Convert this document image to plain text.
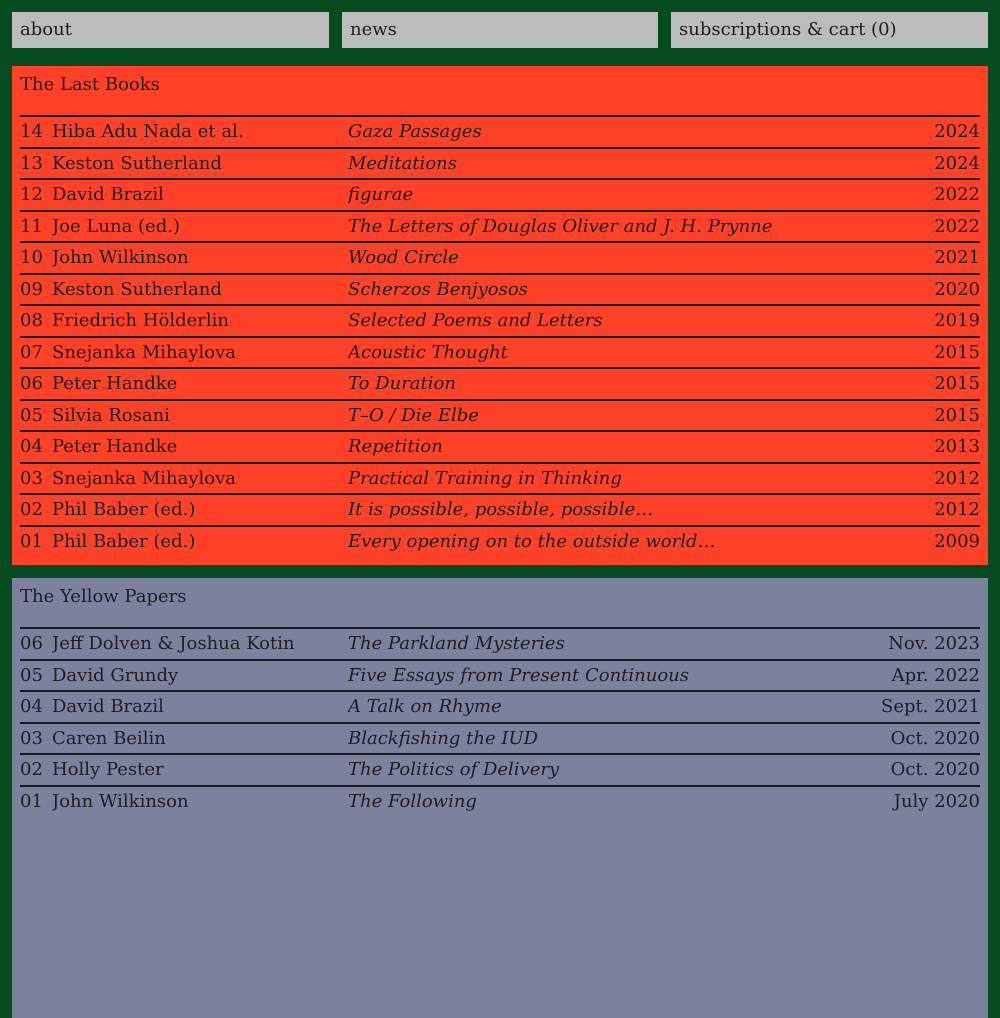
about	news	subscriptions & cart (0)
The Last Books
14 Hiba Adu Nada et al.	Gaza Passages	2024
13 Keston Sutherland	Meditations	2024
12 David Brazil	figurae	2022
11 Joe Luna (ed.)	The Letters of Douglas Oliver and J. H. Prynne	2022
10 John Wilkinson	Wood Circle	2021
09 Keston Sutherland	Scherzos Benjyosos	2020
08 Friedrich Hölderlin	Selected Poems and Letters	2019
07 Snejanka Mihaylova	Acoustic Thought	2015
06 Peter Handke	To Duration	2015
05 Silvia Rosani	T–O / Die Elbe	2015
04 Peter Handke	Repetition	2013
03 Snejanka Mihaylova	Practical Training in Thinking	2012
02 Phil Baber (ed.)	It is possible, possible, possible…	2012
01 Phil Baber (ed.)	Every opening on to the outside world…	2009
The Yellow Papers
06 Jeff Dolven & Joshua Kotin	The Parkland Mysteries	Nov. 2023
05 David Grundy	Five Essays from Present Continuous	Apr. 2022
04 David Brazil	A Talk on Rhyme	Sept. 2021
03 Caren Beilin	Blackfishing the IUD	Oct. 2020
02 Holly Pester	The Politics of Delivery	Oct. 2020
01 John Wilkinson	The Following	July 2020
